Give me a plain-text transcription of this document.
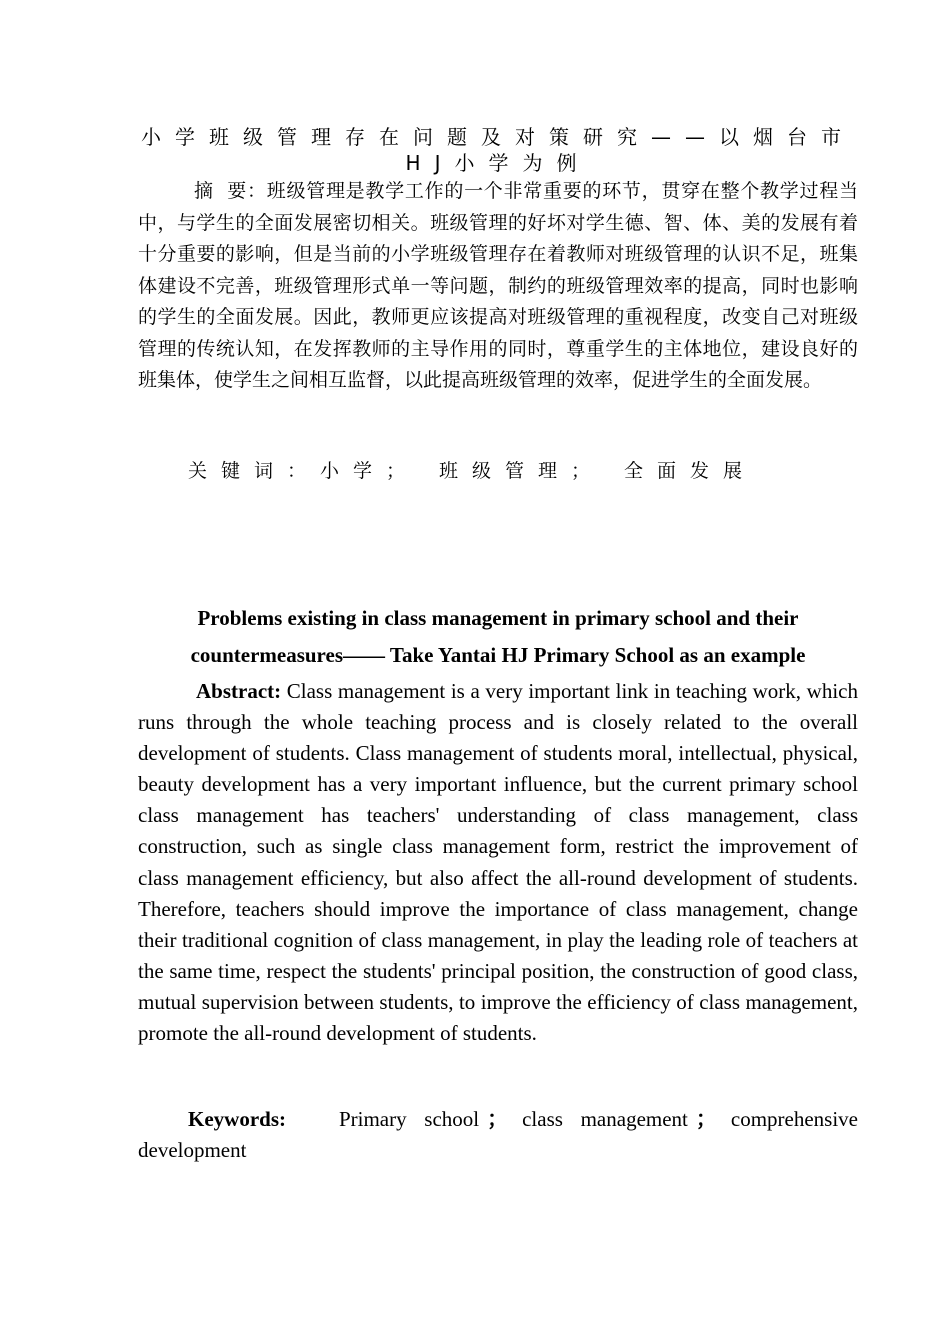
小学班级管理存在问题及对策研究——以烟台市
HJ小学为例
摘  要：班级管理是教学工作的一个非常重要的环节，贯穿在整个教学过程当中，与学生的全面发展密切相关。班级管理的好坏对学生德、智、体、美的发展有着十分重要的影响，但是当前的小学班级管理存在着教师对班级管理的认识不足，班集体建设不完善，班级管理形式单一等问题，制约的班级管理效率的提高，同时也影响的学生的全面发展。因此，教师更应该提高对班级管理的重视程度，改变自己对班级管理的传统认知，在发挥教师的主导作用的同时，尊重学生的主体地位，建设良好的班集体，使学生之间相互监督，以此提高班级管理的效率，促进学生的全面发展。
关键词：小学； 班级管理； 全面发展
Problems existing in class management in primary school and their
countermeasures—— Take Yantai HJ Primary School as an example
Abstract: Class management is a very important link in teaching work, which runs through the whole teaching process and is closely related to the overall development of students. Class management of students moral, intellectual, physical, beauty development has a very important influence, but the current primary school class management has teachers' understanding of class management, class construction, such as single class management form, restrict the improvement of class management efficiency, but also affect the all-round development of students. Therefore, teachers should improve the importance of class management, change their traditional cognition of class management, in play the leading role of teachers at the same time, respect the students' principal position, the construction of good class, mutual supervision between students, to improve the efficiency of class management, promote the all-round development of students.
Keywords:	Primary school ； class management ； comprehensive development
